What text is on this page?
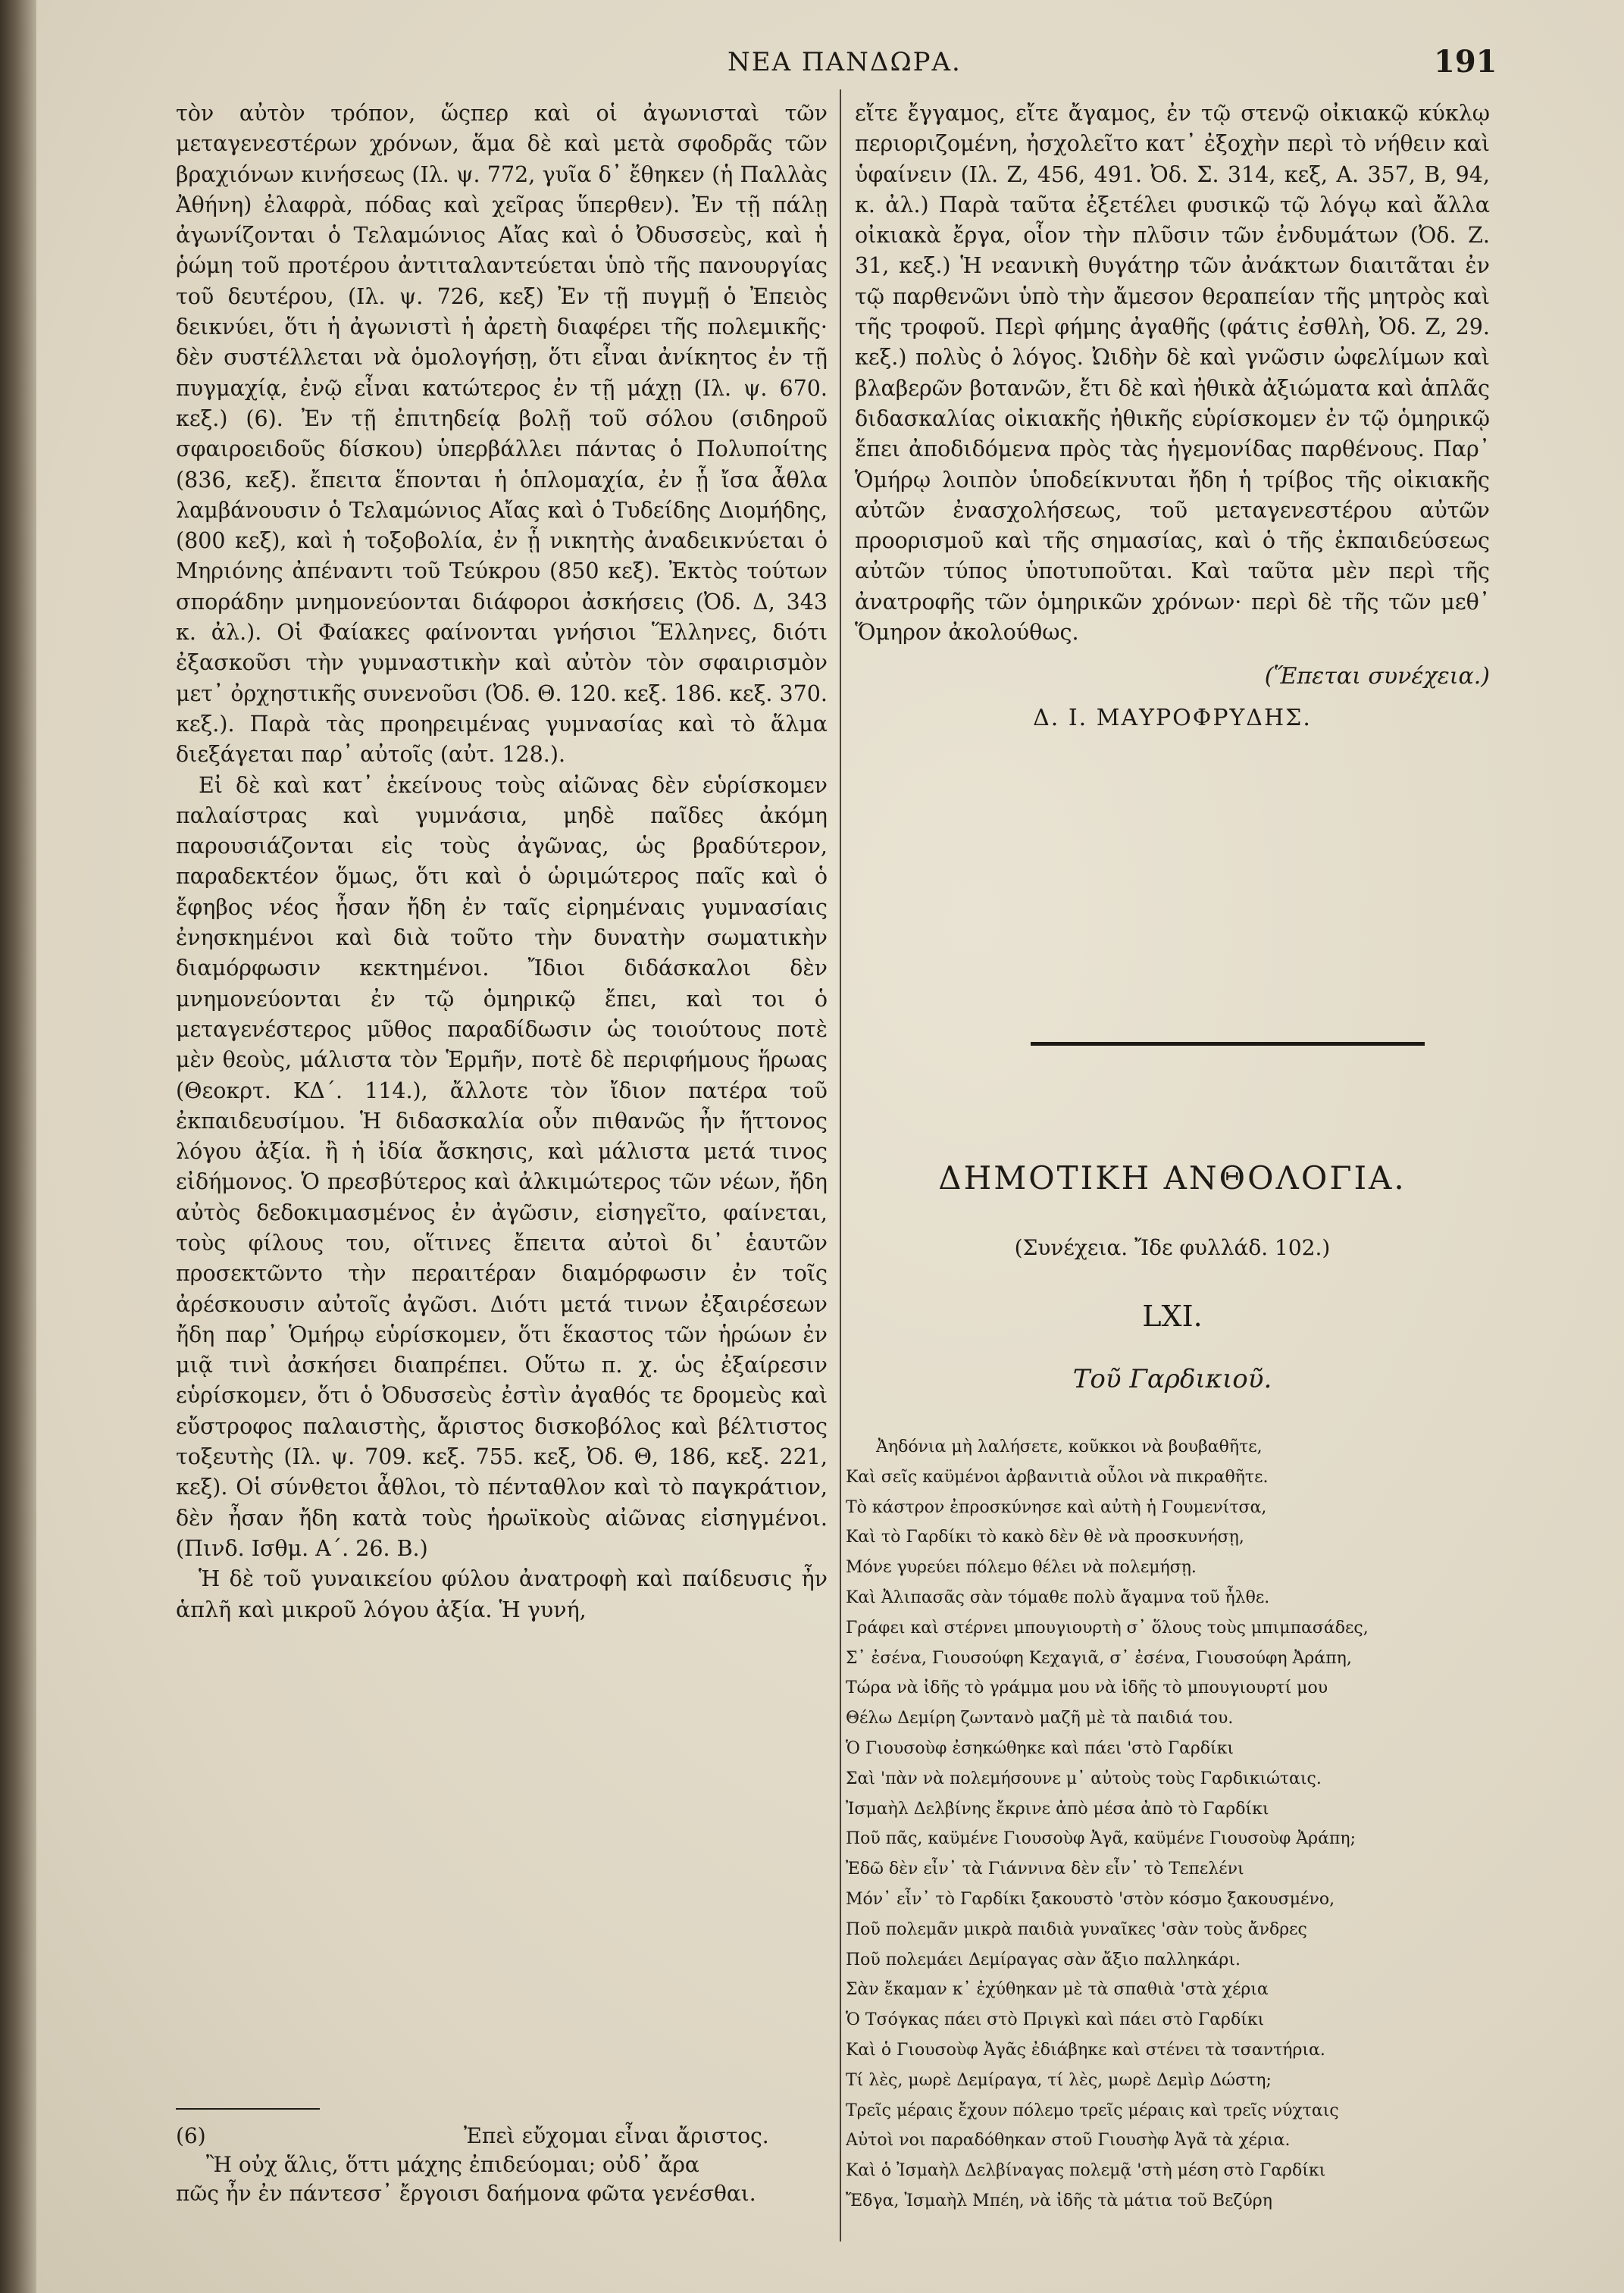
ΝΕΑ ΠΑΝΔΩΡΑ.	191

τὸν αὐτὸν τρόπον, ὥςπερ καὶ οἱ ἀγωνισταὶ τῶν μεταγενεστέρων χρόνων, ἅμα δὲ καὶ μετὰ σφοδρᾶς τῶν βραχιόνων κινήσεως (Ιλ. ψ. 772, γυῖα δ᾿ ἔθηκεν (ἡ Παλλὰς Ἀθήνη) ἐλαφρὰ, πόδας καὶ χεῖρας ὕπερθεν). Ἐν τῇ πάλῃ ἀγωνίζονται ὁ Τελαμώνιος Αἴας καὶ ὁ Ὀδυσσεὺς, καὶ ἡ ῥώμη τοῦ προτέρου ἀντιταλαντεύεται ὑπὸ τῆς πανουργίας τοῦ δευτέρου, (Ιλ. ψ. 726, κεξ) Ἐν τῇ πυγμῇ ὁ Ἐπειὸς δεικνύει, ὅτι ἡ ἀγωνιστὶ ἡ ἀρετὴ διαφέρει τῆς πολεμικῆς· δὲν συστέλλεται νὰ ὁμολογήσῃ, ὅτι εἶναι ἀνίκητος ἐν τῇ πυγμαχίᾳ, ἐνῷ εἶναι κατώτερος ἐν τῇ μάχῃ (Ιλ. ψ. 670. κεξ.) (6). Ἐν τῇ ἐπιτηδείᾳ βολῇ τοῦ σόλου (σιδηροῦ σφαιροειδοῦς δίσκου) ὑπερβάλλει πάντας ὁ Πολυποίτης (836, κεξ). ἔπειτα ἕπονται ἡ ὁπλομαχία, ἐν ᾗ ἴσα ἆθλα λαμβάνουσιν ὁ Τελαμώνιος Αἴας καὶ ὁ Τυδείδης Διομήδης, (800 κεξ), καὶ ἡ τοξοβολία, ἐν ᾗ νικητὴς ἀναδεικνύεται ὁ Μηριόνης ἀπέναντι τοῦ Τεύκρου (850 κεξ). Ἐκτὸς τούτων σποράδην μνημονεύονται διάφοροι ἀσκήσεις (Ὀδ. Δ, 343 κ. ἀλ.). Οἱ Φαίακες φαίνονται γνήσιοι Ἕλληνες, διότι ἐξασκοῦσι τὴν γυμναστικὴν καὶ αὐτὸν τὸν σφαιρισμὸν μετ᾿ ὀρχηστικῆς συνενοῦσι (Ὀδ. Θ. 120. κεξ. 186. κεξ. 370. κεξ.). Παρὰ τὰς προηρειμένας γυμνασίας καὶ τὸ ἅλμα διεξάγεται παρ᾿ αὐτοῖς (αὐτ. 128.).

Εἰ δὲ καὶ κατ᾿ ἐκείνους τοὺς αἰῶνας δὲν εὑρίσκομεν παλαίστρας καὶ γυμνάσια, μηδὲ παῖδες ἀκόμη παρουσιάζονται εἰς τοὺς ἀγῶνας, ὡς βραδύτερον, παραδεκτέον ὅμως, ὅτι καὶ ὁ ὡριμώτερος παῖς καὶ ὁ ἔφηβος νέος ἦσαν ἤδη ἐν ταῖς εἰρημέναις γυμνασίαις ἐνησκημένοι καὶ διὰ τοῦτο τὴν δυνατὴν σωματικὴν διαμόρφωσιν κεκτημένοι. Ἴδιοι διδάσκαλοι δὲν μνημονεύονται ἐν τῷ ὁμηρικῷ ἔπει, καὶ τοι ὁ μεταγενέστερος μῦθος παραδίδωσιν ὡς τοιούτους ποτὲ μὲν θεοὺς, μάλιστα τὸν Ἑρμῆν, ποτὲ δὲ περιφήμους ἥρωας (Θεοκρτ. ΚΔ΄. 114.), ἄλλοτε τὸν ἴδιον πατέρα τοῦ ἐκπαιδευσίμου. Ἡ διδασκαλία οὖν πιθανῶς ἦν ἥττονος λόγου ἀξία. ἢ ἡ ἰδία ἄσκησις, καὶ μάλιστα μετά τινος εἰδήμονος. Ὁ πρεσβύτερος καὶ ἀλκιμώτερος τῶν νέων, ἤδη αὐτὸς δεδοκιμασμένος ἐν ἀγῶσιν, εἰσηγεῖτο, φαίνεται, τοὺς φίλους του, οἵτινες ἔπειτα αὐτοὶ δι᾿ ἑαυτῶν προσεκτῶντο τὴν περαιτέραν διαμόρφωσιν ἐν τοῖς ἀρέσκουσιν αὐτοῖς ἀγῶσι. Διότι μετά τινων ἐξαιρέσεων ἤδη παρ᾿ Ὁμήρῳ εὑρίσκομεν, ὅτι ἕκαστος τῶν ἡρώων ἐν μιᾷ τινὶ ἀσκήσει διαπρέπει. Οὕτω π. χ. ὡς ἐξαίρεσιν εὑρίσκομεν, ὅτι ὁ Ὀδυσσεὺς ἐστὶν ἀγαθός τε δρομεὺς καὶ εὔστροφος παλαιστὴς, ἄριστος δισκοβόλος καὶ βέλτιστος τοξευτὴς (Ιλ. ψ. 709. κεξ. 755. κεξ, Ὀδ. Θ, 186, κεξ. 221, κεξ). Οἱ σύνθετοι ἆθλοι, τὸ πένταθλον καὶ τὸ παγκράτιον, δὲν ἦσαν ἤδη κατὰ τοὺς ἡρωϊκοὺς αἰῶνας εἰσηγμένοι. (Πινδ. Ισθμ. Α΄. 26. Β.)

Ἡ δὲ τοῦ γυναικείου φύλου ἀνατροφὴ καὶ παίδευσις ἦν ἁπλῆ καὶ μικροῦ λόγου ἀξία. Ἡ γυνή,

εἴτε ἔγγαμος, εἴτε ἄγαμος, ἐν τῷ στενῷ οἰκιακῷ κύκλῳ περιοριζομένη, ἠσχολεῖτο κατ᾿ ἐξοχὴν περὶ τὸ νήθειν καὶ ὑφαίνειν (Ιλ. Ζ, 456, 491. Ὀδ. Σ. 314, κεξ, Α. 357, Β, 94, κ. ἀλ.) Παρὰ ταῦτα ἐξετέλει φυσικῷ τῷ λόγῳ καὶ ἄλλα οἰκιακὰ ἔργα, οἷον τὴν πλῦσιν τῶν ἐνδυμάτων (Ὀδ. Ζ. 31, κεξ.) Ἡ νεανικὴ θυγάτηρ τῶν ἀνάκτων διαιτᾶται ἐν τῷ παρθενῶνι ὑπὸ τὴν ἄμεσον θεραπείαν τῆς μητρὸς καὶ τῆς τροφοῦ. Περὶ φήμης ἀγαθῆς (φάτις ἐσθλὴ, Ὀδ. Ζ, 29. κεξ.) πολὺς ὁ λόγος. Ὠιδὴν δὲ καὶ γνῶσιν ὠφελίμων καὶ βλαβερῶν βοτανῶν, ἔτι δὲ καὶ ἠθικὰ ἀξιώματα καὶ ἁπλᾶς διδασκαλίας οἰκιακῆς ἠθικῆς εὑρίσκομεν ἐν τῷ ὁμηρικῷ ἔπει ἀποδιδόμενα πρὸς τὰς ἡγεμονίδας παρθένους. Παρ᾿ Ὁμήρῳ λοιπὸν ὑποδείκνυται ἤδη ἡ τρίβος τῆς οἰκιακῆς αὐτῶν ἐνασχολήσεως, τοῦ μεταγενεστέρου αὐτῶν προορισμοῦ καὶ τῆς σημασίας, καὶ ὁ τῆς ἐκπαιδεύσεως αὐτῶν τύπος ὑποτυποῦται. Καὶ ταῦτα μὲν περὶ τῆς ἀνατροφῆς τῶν ὁμηρικῶν χρόνων· περὶ δὲ τῆς τῶν μεθ᾿ Ὅμηρον ἀκολούθως.

(Ἕπεται συνέχεια.)

Δ. Ι. ΜΑΥΡΟΦΡΥΔΗΣ.

ΔΗΜΟΤΙΚΗ ΑΝΘΟΛΟΓΙΑ.
(Συνέχεια. Ἴδε φυλλάδ. 102.)
LXI.
Τοῦ Γαρδικιοῦ.
Ἀηδόνια μὴ λαλήσετε, κοῦκκοι νὰ βουβαθῆτε,
Καὶ σεῖς καϋμένοι ἀρβανιτιὰ οὖλοι νὰ πικραθῆτε.
Τὸ κάστρον ἐπροσκύνησε καὶ αὐτὴ ἡ Γουμενίτσα,
Καὶ τὸ Γαρδίκι τὸ κακὸ δὲν θὲ νὰ προσκυνήσῃ,
Μόνε γυρεύει πόλεμο θέλει νὰ πολεμήσῃ.
Καὶ Ἀλιπασᾶς σὰν τόμαθε πολὺ ἄγαμνα τοῦ ἦλθε.
Γράφει καὶ στέρνει μπουγιουρτὴ σ᾿ ὅλους τοὺς μπιμπασάδες,
Σ᾿ ἐσένα, Γιουσούφη Κεχαγιᾶ, σ᾿ ἐσένα, Γιουσούφη Ἀράπη,
Τώρα νὰ ἰδῆς τὸ γράμμα μου νὰ ἰδῆς τὸ μπουγιουρτί μου
Θέλω Δεμίρη ζωντανὸ μαζῆ μὲ τὰ παιδιά του.
Ὁ Γιουσοὺφ ἐσηκώθηκε καὶ πάει 'στὸ Γαρδίκι
Σαὶ 'πὰν νὰ πολεμήσουνε μ᾿ αὐτοὺς τοὺς Γαρδικιώταις.
Ἰσμαὴλ Δελβίνης ἔκρινε ἀπὸ μέσα ἀπὸ τὸ Γαρδίκι
Ποῦ πᾶς, καϋμένε Γιουσοὺφ Ἀγᾶ, καϋμένε Γιουσοὺφ Ἀράπη;
Ἐδῶ δὲν εἶν᾿ τὰ Γιάννινα δὲν εἶν᾿ τὸ Τεπελένι
Μόν᾿ εἶν᾿ τὸ Γαρδίκι ξακουστὸ 'στὸν κόσμο ξακουσμένο,
Ποῦ πολεμᾶν μικρὰ παιδιὰ γυναῖκες 'σὰν τοὺς ἄνδρες
Ποῦ πολεμάει Δεμίραγας σὰν ἄξιο παλληκάρι.
Σὰν ἔκαμαν κ᾿ ἐχύθηκαν μὲ τὰ σπαθιὰ 'στὰ χέρια
Ὁ Τσόγκας πάει στὸ Πριγκὶ καὶ πάει στὸ Γαρδίκι
Καὶ ὁ Γιουσοὺφ Ἀγᾶς ἐδιάβηκε καὶ στένει τὰ τσαντήρια.
Τί λὲς, μωρὲ Δεμίραγα, τί λὲς, μωρὲ Δεμὶρ Δώστη;
Τρεῖς μέραις ἔχουν πόλεμο τρεῖς μέραις καὶ τρεῖς νύχταις
Αὐτοὶ νοι παραδόθηκαν στοῦ Γιουσὴφ Ἀγᾶ τὰ χέρια.
Καὶ ὁ Ἰσμαὴλ Δελβίναγας πολεμᾷ 'στὴ μέση στὸ Γαρδίκι
Ἔδγα, Ἰσμαὴλ Μπέη, νὰ ἰδῆς τὰ μάτια τοῦ Βεζύρη
(6)	Ἐπεὶ εὔχομαι εἶναι ἄριστος.
Ἢ οὐχ ἅλις, ὅττι μάχης ἐπιδεύομαι; οὐδ᾿ ἄρα
πῶς ἦν ἐν πάντεσσ᾿ ἔργοισι δαήμονα φῶτα γενέσθαι.
